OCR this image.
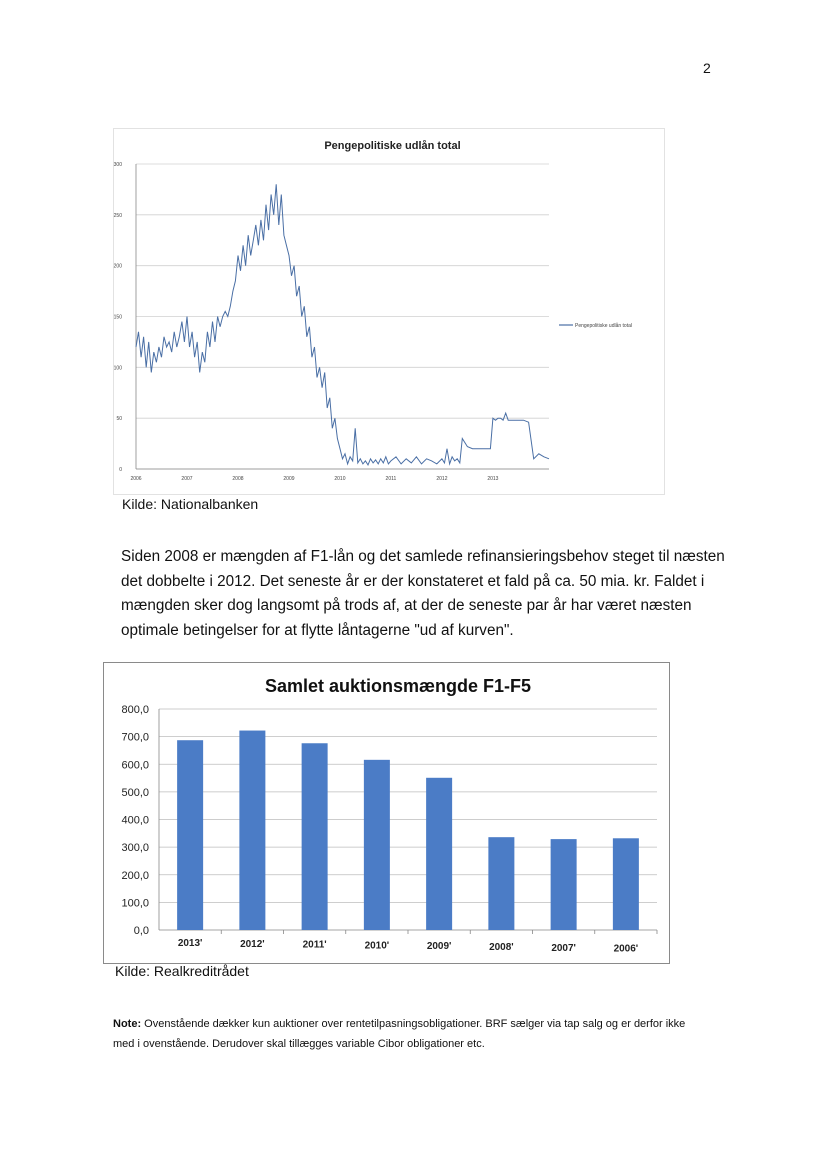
2
Pengepolitiske udlån total
0
50
100
150
200
250
300
2006	2007	2008	2009	2010	2011	2012	2013
Pengepolitiske udlån total
Kilde: Nationalbanken
Siden 2008 er mængden af F1-lån og det samlede refinansieringsbehov steget til næsten det dobbelte i 2012. Det seneste år er der konstateret et fald på ca. 50 mia. kr. Faldet i mængden sker dog langsomt på trods af, at der de seneste par år har været næsten optimale betingelser for at flytte låntagerne "ud af kurven".
Samlet auktionsmængde F1-F5
0,0
100,0
200,0
300,0
400,0
500,0
600,0
700,0
800,0
2013'	2012'	2011'	2010'	2009'	2008'	2007'	2006'
Kilde: Realkreditrådet
Note: Ovenstående dækker kun auktioner over rentetilpasningsobligationer. BRF sælger via tap salg og er derfor ikke med i ovenstående. Derudover skal tillægges variable Cibor obligationer etc.
